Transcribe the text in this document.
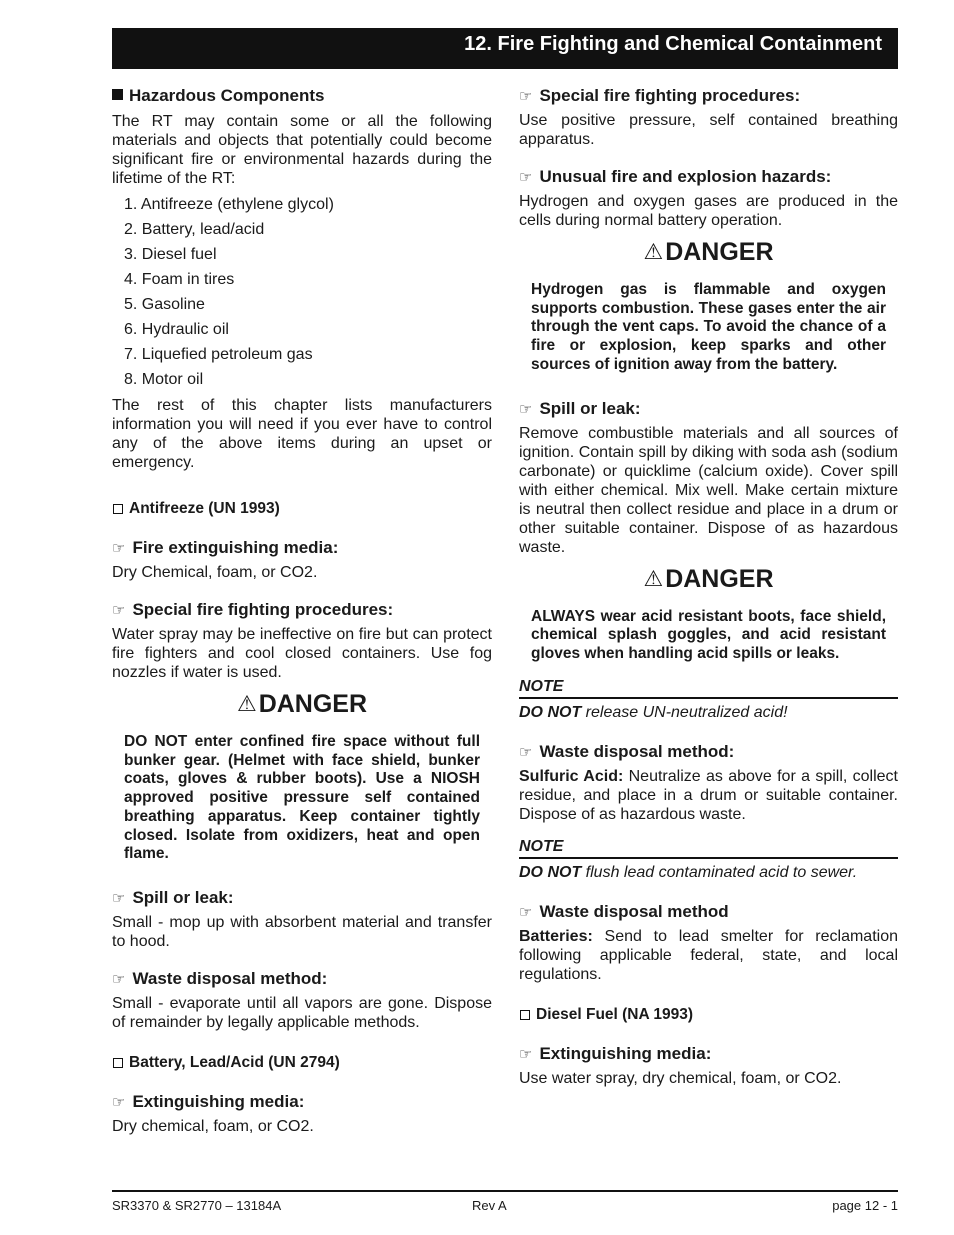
12. Fire Fighting and Chemical Containment
Hazardous Components

The RT may contain some or all the following materials and objects that potentially could become significant fire or environmental hazards during the lifetime of the RT:

1. Antifreeze (ethylene glycol)
2. Battery, lead/acid
3. Diesel fuel
4. Foam in tires
5. Gasoline
6. Hydraulic oil
7. Liquefied petroleum gas
8. Motor oil

The rest of this chapter lists manufacturers information you will need if you ever have to control any of the above items during an upset or emergency.

Antifreeze (UN 1993)
☞ Fire extinguishing media:

Dry Chemical, foam, or CO2.

☞ Special fire fighting procedures:

Water spray may be ineffective on fire but can protect fire fighters and cool closed containers. Use fog nozzles if water is used.

⚠DANGER

DO NOT enter confined fire space without full bunker gear. (Helmet with face shield, bunker coats, gloves & rubber boots). Use a NIOSH approved positive pressure self contained breathing apparatus. Keep container tightly closed. Isolate from oxidizers, heat and open flame.

☞ Spill or leak:

Small - mop up with absorbent material and transfer to hood.

☞ Waste disposal method:

Small - evaporate until all vapors are gone. Dispose of remainder by legally applicable methods.

Battery, Lead/Acid (UN 2794)
☞ Extinguishing media:

Dry chemical, foam, or CO2.

☞ Special fire fighting procedures:

Use positive pressure, self contained breathing apparatus.

☞ Unusual fire and explosion hazards:

Hydrogen and oxygen gases are produced in the cells during normal battery operation.

⚠DANGER

Hydrogen gas is flammable and oxygen supports combustion. These gases enter the air through the vent caps. To avoid the chance of a fire or explosion, keep sparks and other sources of ignition away from the battery.

☞ Spill or leak:

Remove combustible materials and all sources of ignition. Contain spill by diking with soda ash (sodium carbonate) or quicklime (calcium oxide). Cover spill with either chemical. Mix well. Make certain mixture is neutral then collect residue and place in a drum or other suitable container. Dispose of as hazardous waste.

⚠DANGER

ALWAYS wear acid resistant boots, face shield, chemical splash goggles, and acid resistant gloves when handling acid spills or leaks.

NOTE

DO NOT release UN-neutralized acid!

☞ Waste disposal method:

Sulfuric Acid: Neutralize as above for a spill, collect residue, and place in a drum or suitable container. Dispose of as hazardous waste.

NOTE

DO NOT flush lead contaminated acid to sewer.

☞ Waste disposal method

Batteries: Send to lead smelter for reclamation following applicable federal, state, and local regulations.

Diesel Fuel (NA 1993)
☞ Extinguishing media:

Use water spray, dry chemical, foam, or CO2.

SR3370 & SR2770 – 13184A	Rev A	page 12 - 1
